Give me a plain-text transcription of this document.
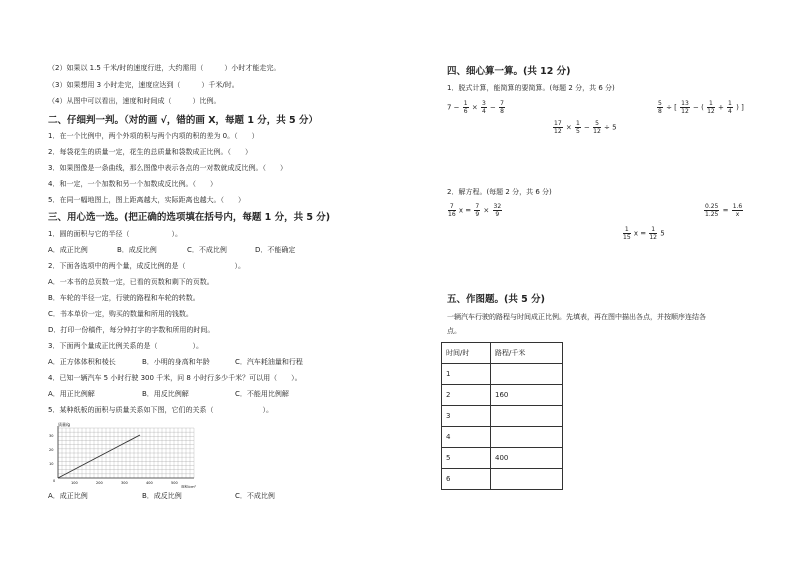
（2）如果以 1.5 千米/时的速度行进，大约需用（　　　）小时才能走完。
（3）如果想用 3 小时走完，速度应达到（　　　）千米/时。
（4）从图中可以看出，速度和时间成（　　　）比例。
二、仔细判一判。（对的画 √，错的画 X，每题 1 分，共 5 分）
1．在一个比例中，两个外项的积与两个内项的积的差为 0。（　　）
2．每袋花生的质量一定，花生的总质量和袋数成正比例。（　　）
3．如果图像是一条曲线，那么图像中表示各点的一对数就成反比例。（　　）
4．和一定，一个加数和另一个加数成反比例。（　　）
5．在同一幅地图上，图上距离越大，实际距离也越大。（　　）
三、用心选一选。(把正确的选项填在括号内，每题 1 分，共 5 分)
1．圆的面积与它的半径（　　　　　　）。
A．成正比例	B．成反比例	C．不成比例	D．不能确定
2．下面各选项中的两个量，成反比例的是（　　　　　　　）。
A．一本书的总页数一定，已看的页数和剩下的页数。
B．车轮的半径一定，行驶的路程和车轮的转数。
C．书本单价一定，购买的数量和所用的钱数。
D．打印一份稿件，每分钟打字的字数和所用的时间。
3．下面两个量成正比例关系的是（　　　　　）。
A．正方体体积和棱长	B．小明的身高和年龄	C．汽车耗油量和行程
4．已知一辆汽车 5 小时行驶 300 千米，问 8 小时行多少千米？可以用（　　）。
A．用正比例解	B．用反比例解	C．不能用比例解
5．某种纸板的面积与质量关系如下图，它们的关系（　　　　　　　）。
质量/g
30
20
10
0	100	200	300	400	500
面积/cm²
A．成正比例	B．成反比例	C．不成比例
四、细心算一算。(共 12 分)
1．脱式计算，能简算的要简算。(每题 2 分，共 6 分)
$7 - \frac{1}{6} \times \frac{3}{4} - \frac{7}{8}$	$\frac{5}{8}$ ÷ [ $\frac{13}{12}$ − ( $\frac{1}{12} + \frac{1}{4}$ ) ]
$\frac{17}{12} \times \frac{1}{5} - \frac{5}{12} \div 5$
2．解方程。(每题 2 分，共 6 分)
$\frac{7}{16}$ $x = \frac{7}{9} \times \frac{32}{9}$	$\frac{0.25}{1.25} = \frac{1.6}{x}$
$\frac{1}{15}$ $x = \frac{1}{12} 5$
五、作图题。(共 5 分)
一辆汽车行驶的路程与时间成正比例。先填表，再在图中描出各点，并按顺序连结各
点。
时间/时	路程/千米
1	
2	160
3	
4	
5	400
6	
